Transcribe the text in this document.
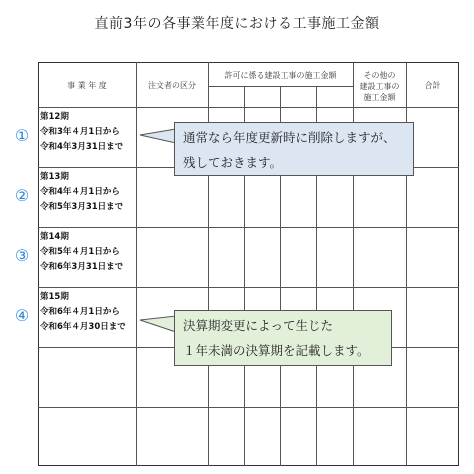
直前3年の各事業年度における工事施工金額
事 業 年 度	注文者の区分
許可に係る建設工事の施工金額	その他の
建設工事の
施工金額
合計
第12期
令和3年４月1日から
令和4年3月31日まで
第13期
令和4年４月1日から
令和5年3月31日まで
第14期
令和5年４月1日から
令和6年3月31日まで
第15期
令和6年４月1日から
令和6年４月30日まで
①
②
③
④
通常なら年度更新時に削除しますが、
残しておきます。
決算期変更によって生じた
１年未満の決算期を記載します。
